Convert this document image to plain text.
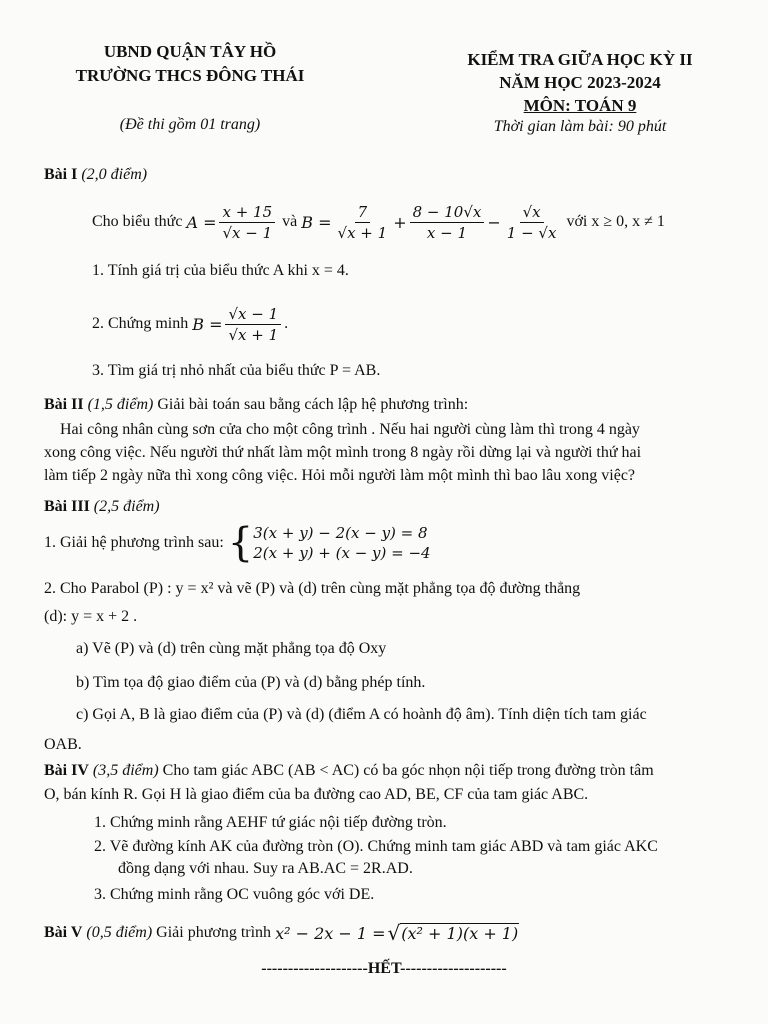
UBND QUẬN TÂY HỒ
TRƯỜNG THCS ĐÔNG THÁI
(Đề thi gồm 01 trang)
KIỂM TRA GIỮA HỌC KỲ II
NĂM HỌC 2023-2024
MÔN: TOÁN 9
Thời gian làm bài: 90 phút
Bài I (2,0 điểm)
Cho biểu thức
$A = \frac{x + 15}{√x - 1}$
và
$B = \frac{7}{√x + 1} + \frac{8 - 10√x}{x - 1} - \frac{√x}{1 - √x}$
với x ≥ 0, x ≠ 1
1. Tính giá trị của biểu thức A khi x = 4.
2. Chứng minh
$B = \frac{√x - 1}{√x + 1}$ .
3. Tìm giá trị nhỏ nhất của biểu thức P = AB.
Bài II (1,5 điểm) Giải bài toán sau bằng cách lập hệ phương trình:
Hai công nhân cùng sơn cửa cho một công trình . Nếu hai người cùng làm thì trong 4 ngày
xong công việc. Nếu người thứ nhất làm một mình trong 8 ngày rồi dừng lại và người thứ hai
làm tiếp 2 ngày nữa thì xong công việc. Hỏi mỗi người làm một mình thì bao lâu xong việc?
Bài III (2,5 điểm)
1. Giải hệ phương trình sau:
{ 3(x + y) − 2(x − y) = 8
2(x + y) + (x − y) = −4
2. Cho Parabol (P) : y = x² và vẽ (P) và (d) trên cùng mặt phẳng tọa độ đường thẳng
(d): y = x + 2 .
a) Vẽ (P) và (d) trên cùng mặt phẳng tọa độ Oxy
b) Tìm tọa độ giao điểm của (P) và (d) bằng phép tính.
c) Gọi A, B là giao điểm của (P) và (d) (điểm A có hoành độ âm). Tính diện tích tam giác
OAB.
Bài IV (3,5 điểm) Cho tam giác ABC (AB < AC) có ba góc nhọn nội tiếp trong đường tròn tâm
O, bán kính R. Gọi H là giao điểm của ba đường cao AD, BE, CF của tam giác ABC.
1. Chứng minh rằng AEHF tứ giác nội tiếp đường tròn.
2. Vẽ đường kính AK của đường tròn (O). Chứng minh tam giác ABD và tam giác AKC
đồng dạng với nhau. Suy ra AB.AC = 2R.AD.
3. Chứng minh rằng OC vuông góc với DE.
Bài V
(0,5 điểm)
Giải phương trình
x² − 2x − 1 = √ (x² + 1)(x + 1)
--------------------HẾT--------------------
